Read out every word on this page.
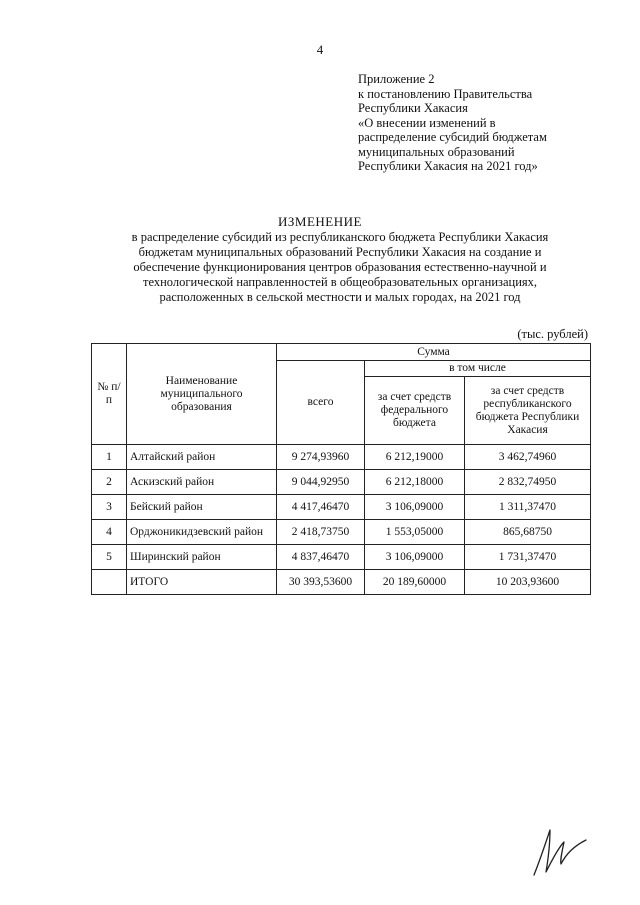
4
Приложение 2
к постановлению Правительства
Республики Хакасия
«О внесении изменений в
распределение субсидий бюджетам
муниципальных образований
Республики Хакасия на 2021 год»
ИЗМЕНЕНИЕ
в распределение субсидий из республиканского бюджета Республики Хакасия
бюджетам муниципальных образований Республики Хакасия на создание и
обеспечение функционирования центров образования естественно-научной и
технологической направленностей в общеобразовательных организациях,
расположенных в сельской местности и малых городах, на 2021 год
(тыс. рублей)
№ п/п	Наименование муниципального образования	Сумма		
		всего	в том числе	
			за счет средств федерального бюджета	за счет средств республиканского бюджета Республики Хакасия
1	Алтайский район	9 274,93960	6 212,19000	3 462,74960
2	Аскизский район	9 044,92950	6 212,18000	2 832,74950
3	Бейский район	4 417,46470	3 106,09000	1 311,37470
4	Орджоникидзевский район	2 418,73750	1 553,05000	865,68750
5	Ширинский район	4 837,46470	3 106,09000	1 731,37470
	ИТОГО	30 393,53600	20 189,60000	10 203,93600
